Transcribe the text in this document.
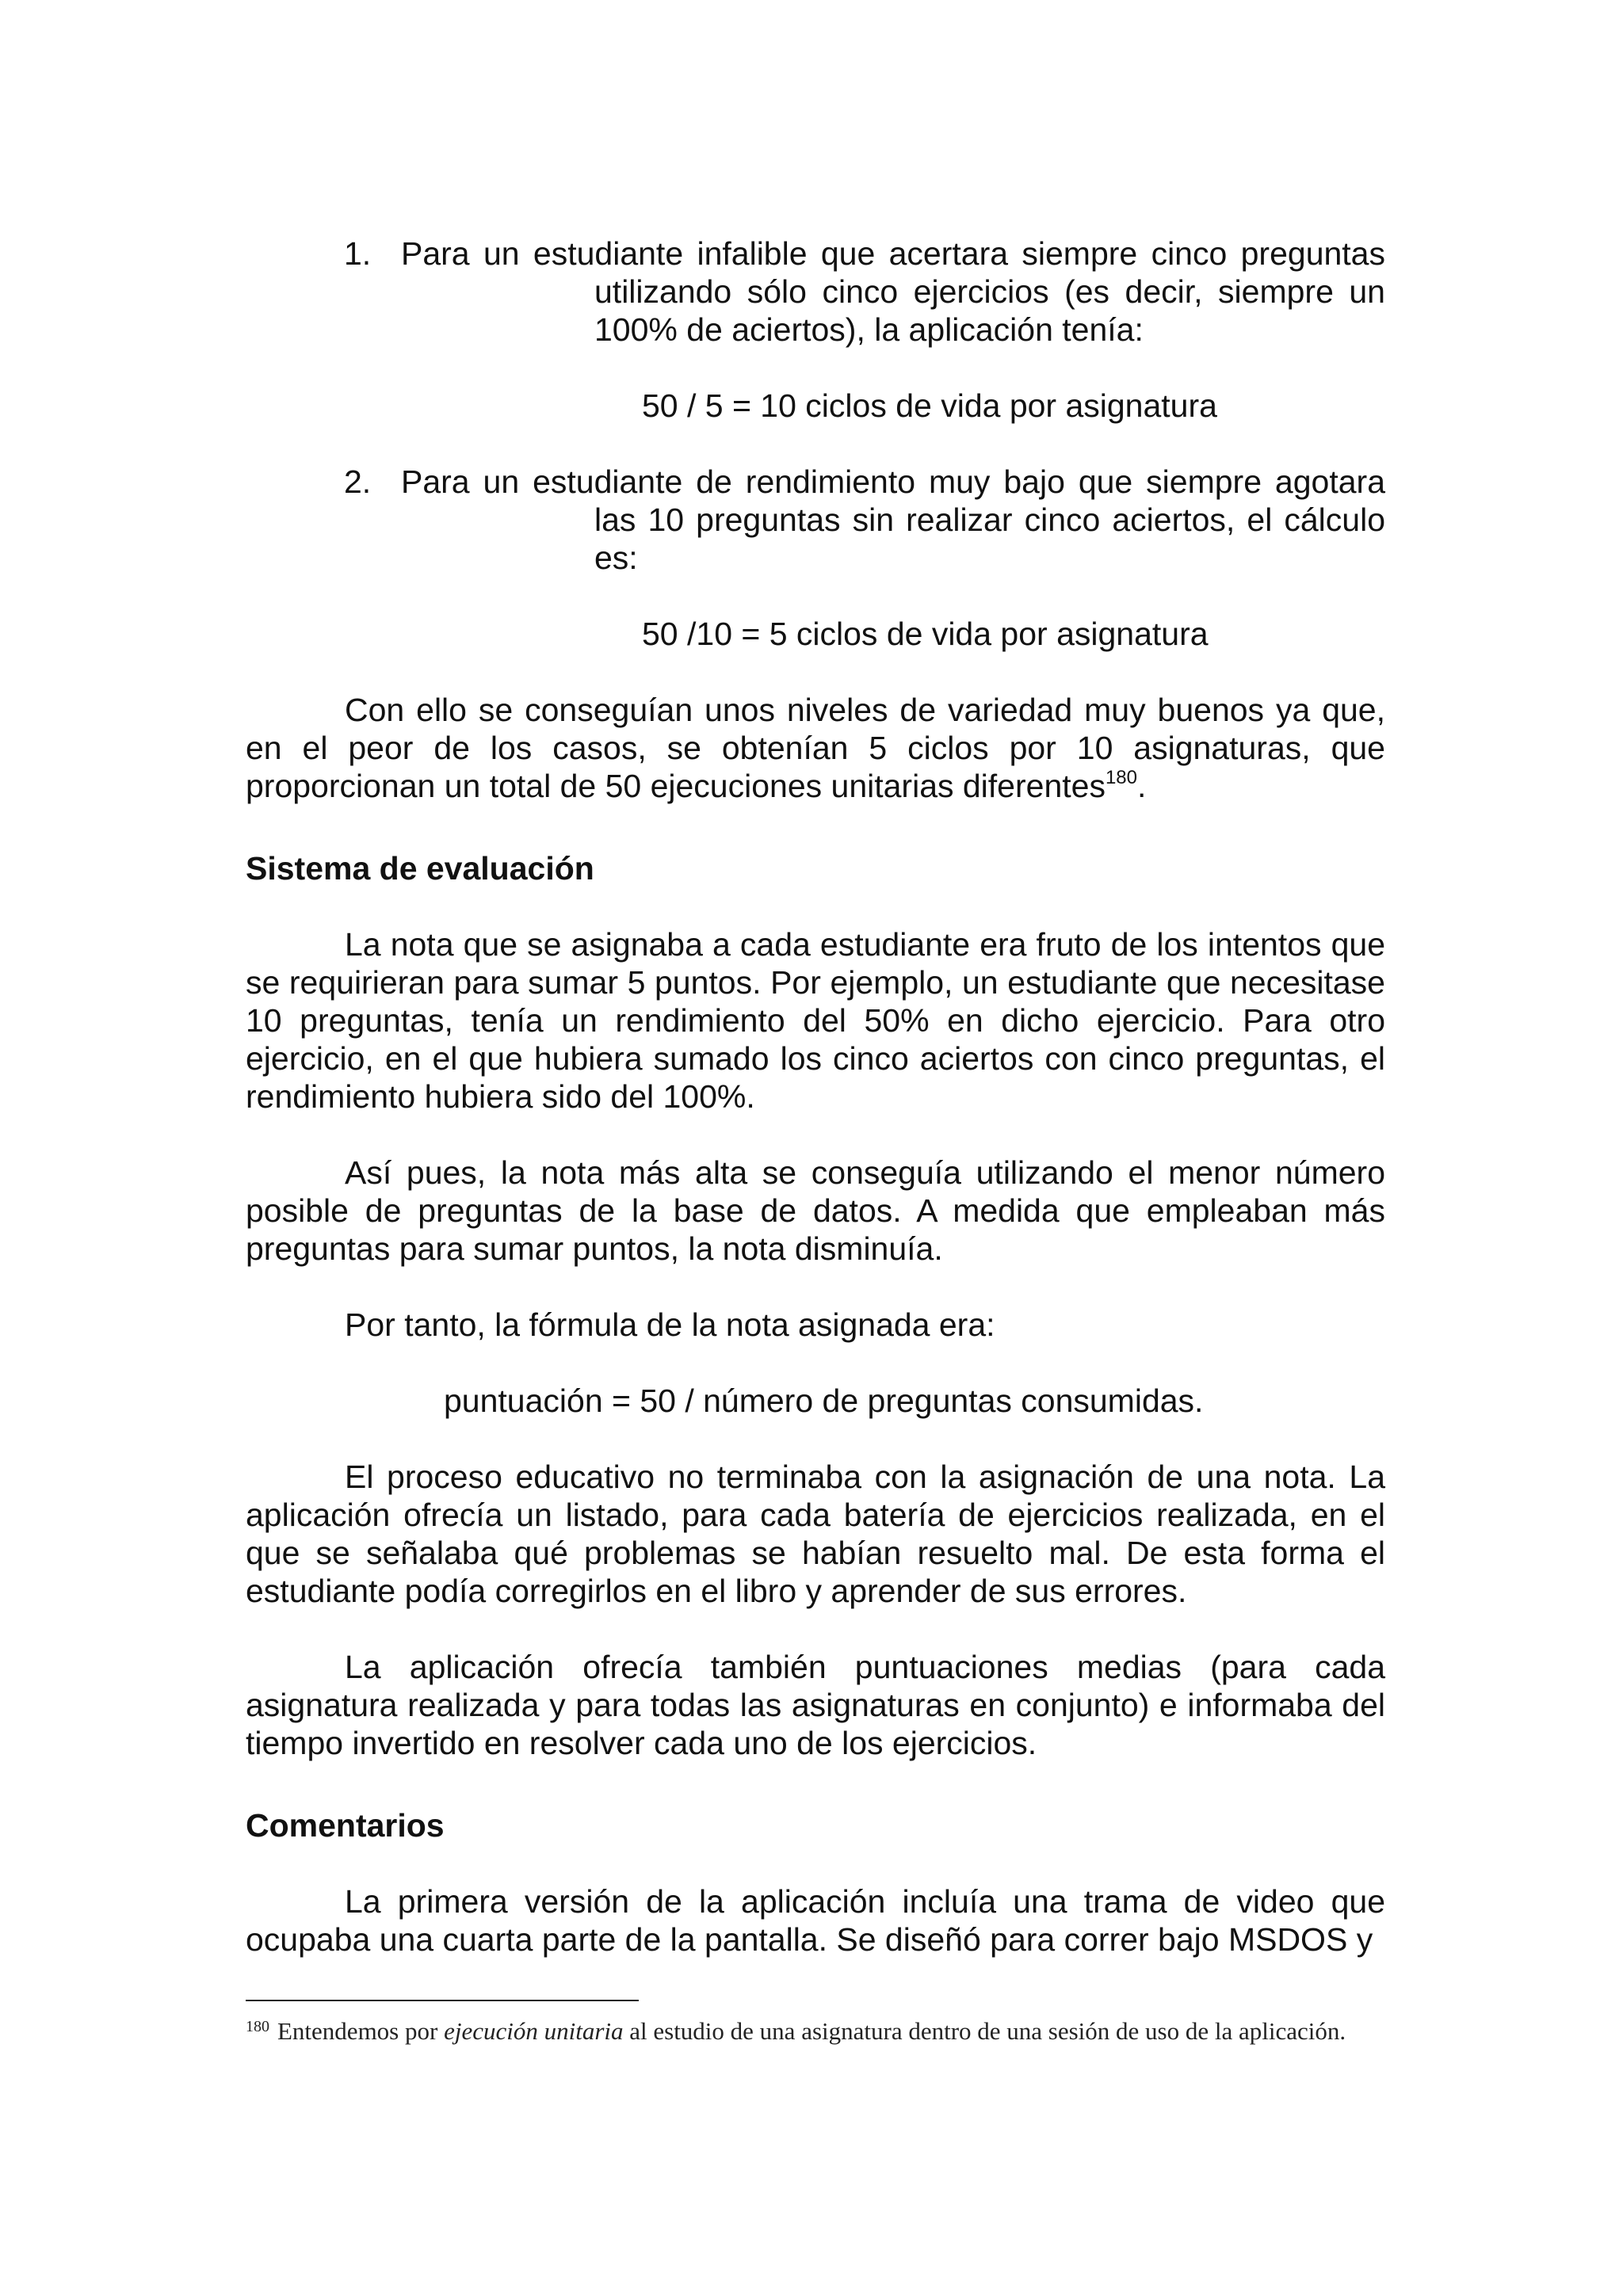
1. Para un estudiante infalible que acertara siempre cinco preguntas
utilizando sólo cinco ejercicios (es decir, siempre un 100% de aciertos), la aplicación tenía:
50 / 5 = 10 ciclos de vida por asignatura
2. Para un estudiante de rendimiento muy bajo que siempre agotara
las 10 preguntas sin realizar cinco aciertos, el cálculo es:
50 /10 = 5 ciclos de vida por asignatura

Con ello se conseguían unos niveles de variedad muy buenos ya que, en el peor de los casos, se obtenían 5 ciclos por 10 asignaturas, que proporcionan un total de 50 ejecuciones unitarias diferentes$^{180}$.

Sistema de evaluación

La nota que se asignaba a cada estudiante era fruto de los intentos que se requirieran para sumar 5 puntos. Por ejemplo, un estudiante que necesitase 10 preguntas, tenía un rendimiento del 50% en dicho ejercicio. Para otro ejercicio, en el que hubiera sumado los cinco aciertos con cinco preguntas, el rendimiento hubiera sido del 100%.

Así pues, la nota más alta se conseguía utilizando el menor número posible de preguntas de la base de datos. A medida que empleaban más preguntas para sumar puntos, la nota disminuía.

Por tanto, la fórmula de la nota asignada era:

puntuación = 50 / número de preguntas consumidas.

El proceso educativo no terminaba con la asignación de una nota. La aplicación ofrecía un listado, para cada batería de ejercicios realizada, en el que se señalaba qué problemas se habían resuelto mal. De esta forma el estudiante podía corregirlos en el libro y aprender de sus errores.

La aplicación ofrecía también puntuaciones medias (para cada asignatura realizada y para todas las asignaturas en conjunto) e informaba del tiempo invertido en resolver cada uno de los ejercicios.

Comentarios

La primera versión de la aplicación incluía una trama de video que ocupaba una cuarta parte de la pantalla. Se diseñó para correr bajo MSDOS y

$^{180}$ Entendemos por ejecución unitaria al estudio de una asignatura dentro de una sesión de uso de la aplicación.
